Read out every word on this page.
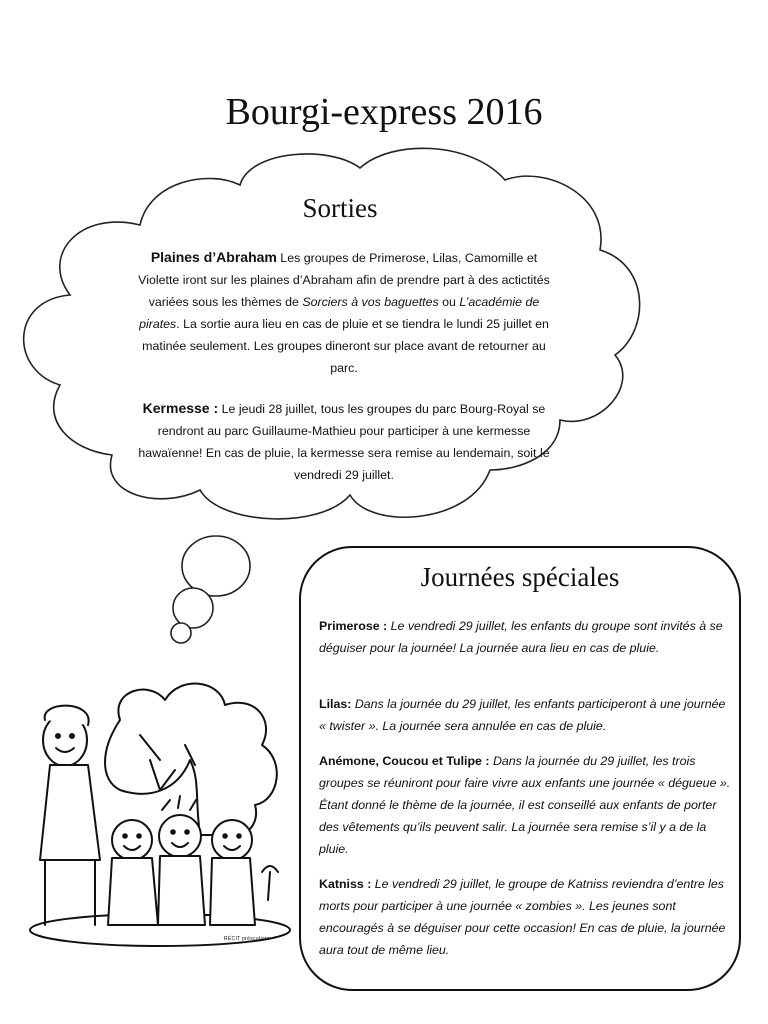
Bourgi-express 2016
Sorties
Plaines d’Abraham Les groupes de Primerose, Lilas, Camomille et Violette iront sur les plaines d’Abraham afin de prendre part à des actictités variées sous les thèmes de Sorciers à vos baguettes ou L’académie de pirates. La sortie aura lieu en cas de pluie et se tiendra le lundi 25 juillet en matinée seulement. Les groupes dineront sur place avant de retourner au parc.
Kermesse : Le jeudi 28 juillet, tous les groupes du parc Bourg-Royal se rendront au parc Guillaume-Mathieu pour participer à une kermesse hawaïenne! En cas de pluie, la kermesse sera remise au lendemain, soit le vendredi 29 juillet.
Journées spéciales
Primerose : Le vendredi 29 juillet, les enfants du groupe sont invités à se déguiser pour la journée! La journée aura lieu en cas de pluie.
Lilas: Dans la journée du 29 juillet, les enfants participeront à une journée « twister ». La journée sera annulée en cas de pluie.
Anémone, Coucou et Tulipe : Dans la journée du 29 juillet, les trois groupes se réuniront pour faire vivre aux enfants une journée « dégueue ». Étant donné le thème de la journée, il est conseillé aux enfants de porter des vêtements qu’ils peuvent salir. La journée sera remise s’il y a de la pluie.
Katniss : Le vendredi 29 juillet, le groupe de Katniss reviendra d’entre les morts pour participer à une journée « zombies ». Les jeunes sont encouragés à se déguiser pour cette occasion! En cas de pluie, la journée aura tout de même lieu.
RÉCIT préscolaire
